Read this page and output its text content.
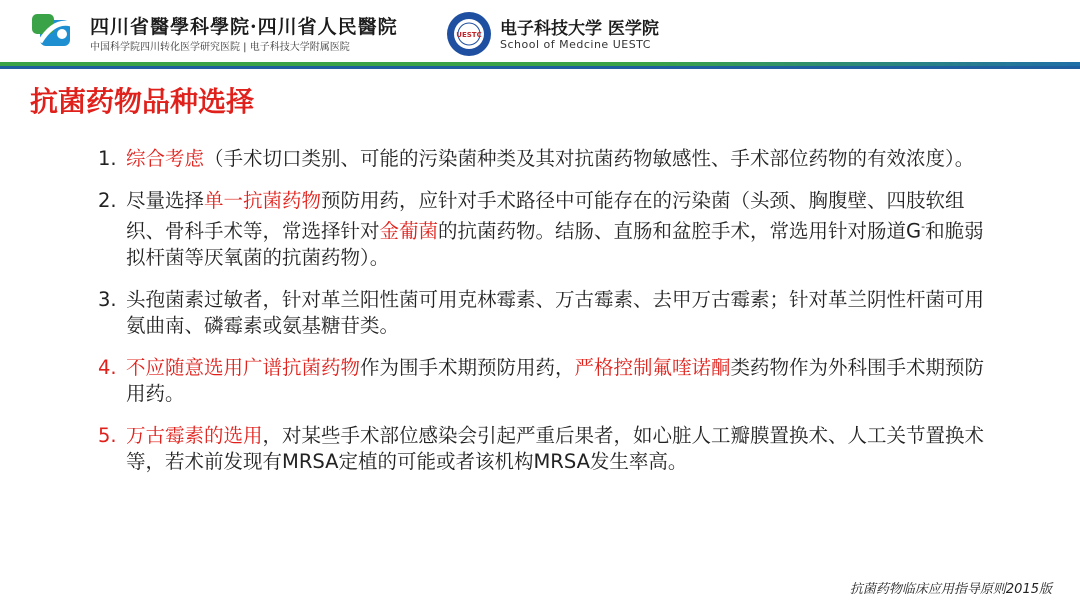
四川省醫學科學院·四川省人民醫院
中国科学院四川转化医学研究医院 | 电子科技大学附属医院
UESTC 电子科技大学 医学院
School of Medcine UESTC
抗菌药物品种选择
1. 综合考虑（手术切口类别、可能的污染菌种类及其对抗菌药物敏感性、手术部位药物的有效浓度）。
2. 尽量选择单一抗菌药物预防用药，应针对手术路径中可能存在的污染菌（头颈、胸腹壁、四肢软组织、骨科手术等，常选择针对金葡菌的抗菌药物。结肠、直肠和盆腔手术，常选用针对肠道G-和脆弱拟杆菌等厌氧菌的抗菌药物）。
3. 头孢菌素过敏者，针对革兰阳性菌可用克林霉素、万古霉素、去甲万古霉素；针对革兰阴性杆菌可用氨曲南、磷霉素或氨基糖苷类。
4. 不应随意选用广谱抗菌药物作为围手术期预防用药，严格控制氟喹诺酮类药物作为外科围手术期预防用药。
5. 万古霉素的选用，对某些手术部位感染会引起严重后果者，如心脏人工瓣膜置换术、人工关节置换术等，若术前发现有MRSA定植的可能或者该机构MRSA发生率高。
抗菌药物临床应用指导原则2015版
